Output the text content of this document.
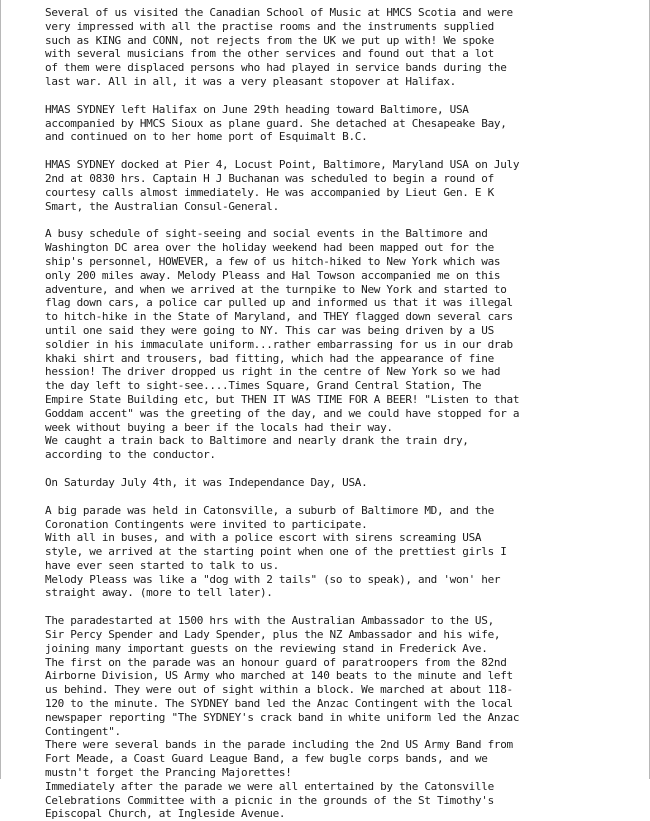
Several of us visited the Canadian School of Music at HMCS Scotia and were
very impressed with all the practise rooms and the instruments supplied
such as KING and CONN, not rejects from the UK we put up with! We spoke
with several musicians from the other services and found out that a lot
of them were displaced persons who had played in service bands during the
last war. All in all, it was a very pleasant stopover at Halifax.
HMAS SYDNEY left Halifax on June 29th heading toward Baltimore, USA
accompanied by HMCS Sioux as plane guard. She detached at Chesapeake Bay,
and continued on to her home port of Esquimalt B.C.
HMAS SYDNEY docked at Pier 4, Locust Point, Baltimore, Maryland USA on July
2nd at 0830 hrs. Captain H J Buchanan was scheduled to begin a round of
courtesy calls almost immediately. He was accompanied by Lieut Gen. E K
Smart, the Australian Consul-General.
A busy schedule of sight-seeing and social events in the Baltimore and
Washington DC area over the holiday weekend had been mapped out for the
ship's personnel, HOWEVER, a few of us hitch-hiked to New York which was
only 200 miles away. Melody Pleass and Hal Towson accompanied me on this
adventure, and when we arrived at the turnpike to New York and started to
flag down cars, a police car pulled up and informed us that it was illegal
to hitch-hike in the State of Maryland, and THEY flagged down several cars
until one said they were going to NY. This car was being driven by a US
soldier in his immaculate uniform...rather embarrassing for us in our drab
khaki shirt and trousers, bad fitting, which had the appearance of fine
hession! The driver dropped us right in the centre of New York so we had
the day left to sight-see....Times Square, Grand Central Station, The
Empire State Building etc, but THEN IT WAS TIME FOR A BEER! "Listen to that
Goddam accent" was the greeting of the day, and we could have stopped for a
week without buying a beer if the locals had their way.
We caught a train back to Baltimore and nearly drank the train dry,
according to the conductor.
On Saturday July 4th, it was Independance Day, USA.
A big parade was held in Catonsville, a suburb of Baltimore MD, and the
Coronation Contingents were invited to participate.
With all in buses, and with a police escort with sirens screaming USA
style, we arrived at the starting point when one of the prettiest girls I
have ever seen started to talk to us.
Melody Pleass was like a "dog with 2 tails" (so to speak), and 'won' her
straight away. (more to tell later).
The paradestarted at 1500 hrs with the Australian Ambassador to the US,
Sir Percy Spender and Lady Spender, plus the NZ Ambassador and his wife,
joining many important guests on the reviewing stand in Frederick Ave.
The first on the parade was an honour guard of paratroopers from the 82nd
Airborne Division, US Army who marched at 140 beats to the minute and left
us behind. They were out of sight within a block. We marched at about 118-
120 to the minute. The SYDNEY band led the Anzac Contingent with the local
newspaper reporting "The SYDNEY's crack band in white uniform led the Anzac
Contingent".
There were several bands in the parade including the 2nd US Army Band from
Fort Meade, a Coast Guard League Band, a few bugle corps bands, and we
mustn't forget the Prancing Majorettes!
Immediately after the parade we were all entertained by the Catonsville
Celebrations Committee with a picnic in the grounds of the St Timothy's
Episcopal Church, at Ingleside Avenue.
